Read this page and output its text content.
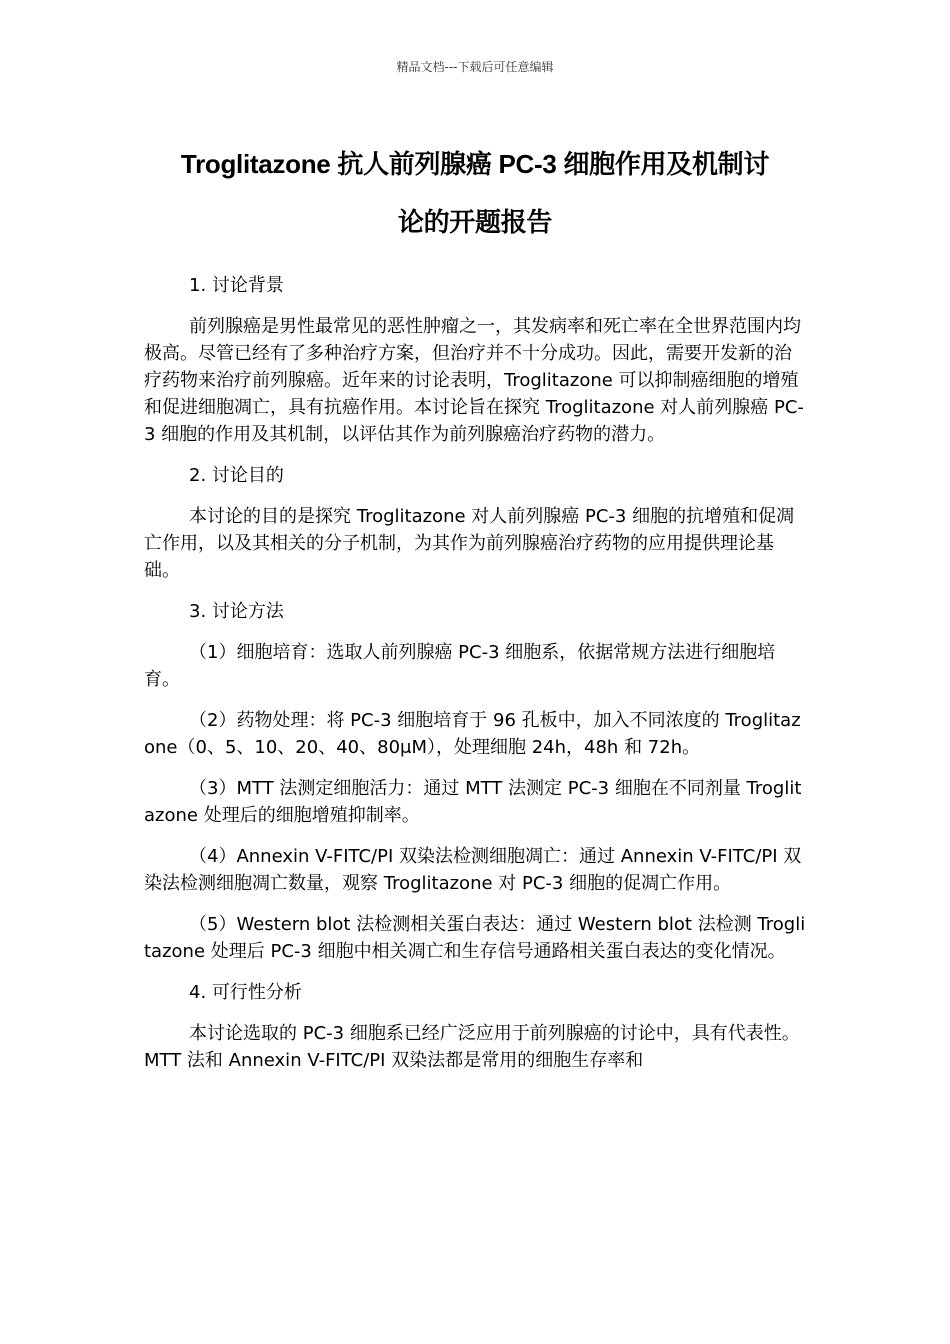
精品文档---下载后可任意编辑
Troglitazone 抗人前列腺癌 PC-3 细胞作用及机制讨
论的开题报告
1. 讨论背景
前列腺癌是男性最常见的恶性肿瘤之一，其发病率和死亡率在全世界范围内均极高。尽管已经有了多种治疗方案，但治疗并不十分成功。因此，需要开发新的治疗药物来治疗前列腺癌。近年来的讨论表明，Troglitazone 可以抑制癌细胞的增殖和促进细胞凋亡，具有抗癌作用。本讨论旨在探究 Troglitazone 对人前列腺癌 PC-3 细胞的作用及其机制，以评估其作为前列腺癌治疗药物的潜力。
2. 讨论目的
本讨论的目的是探究 Troglitazone 对人前列腺癌 PC-3 细胞的抗增殖和促凋亡作用，以及其相关的分子机制，为其作为前列腺癌治疗药物的应用提供理论基础。
3. 讨论方法
（1）细胞培育：选取人前列腺癌 PC-3 细胞系，依据常规方法进行细胞培育。
（2）药物处理：将 PC-3 细胞培育于 96 孔板中，加入不同浓度的 Troglitazone（0、5、10、20、40、80μM），处理细胞 24h，48h 和 72h。
（3）MTT 法测定细胞活力：通过 MTT 法测定 PC-3 细胞在不同剂量 Troglitazone 处理后的细胞增殖抑制率。
（4）Annexin V-FITC/PI 双染法检测细胞凋亡：通过 Annexin V-FITC/PI 双染法检测细胞凋亡数量，观察 Troglitazone 对 PC-3 细胞的促凋亡作用。
（5）Western blot 法检测相关蛋白表达：通过 Western blot 法检测 Troglitazone 处理后 PC-3 细胞中相关凋亡和生存信号通路相关蛋白表达的变化情况。
4. 可行性分析
本讨论选取的 PC-3 细胞系已经广泛应用于前列腺癌的讨论中，具有代表性。MTT 法和 Annexin V-FITC/PI 双染法都是常用的细胞生存率和
